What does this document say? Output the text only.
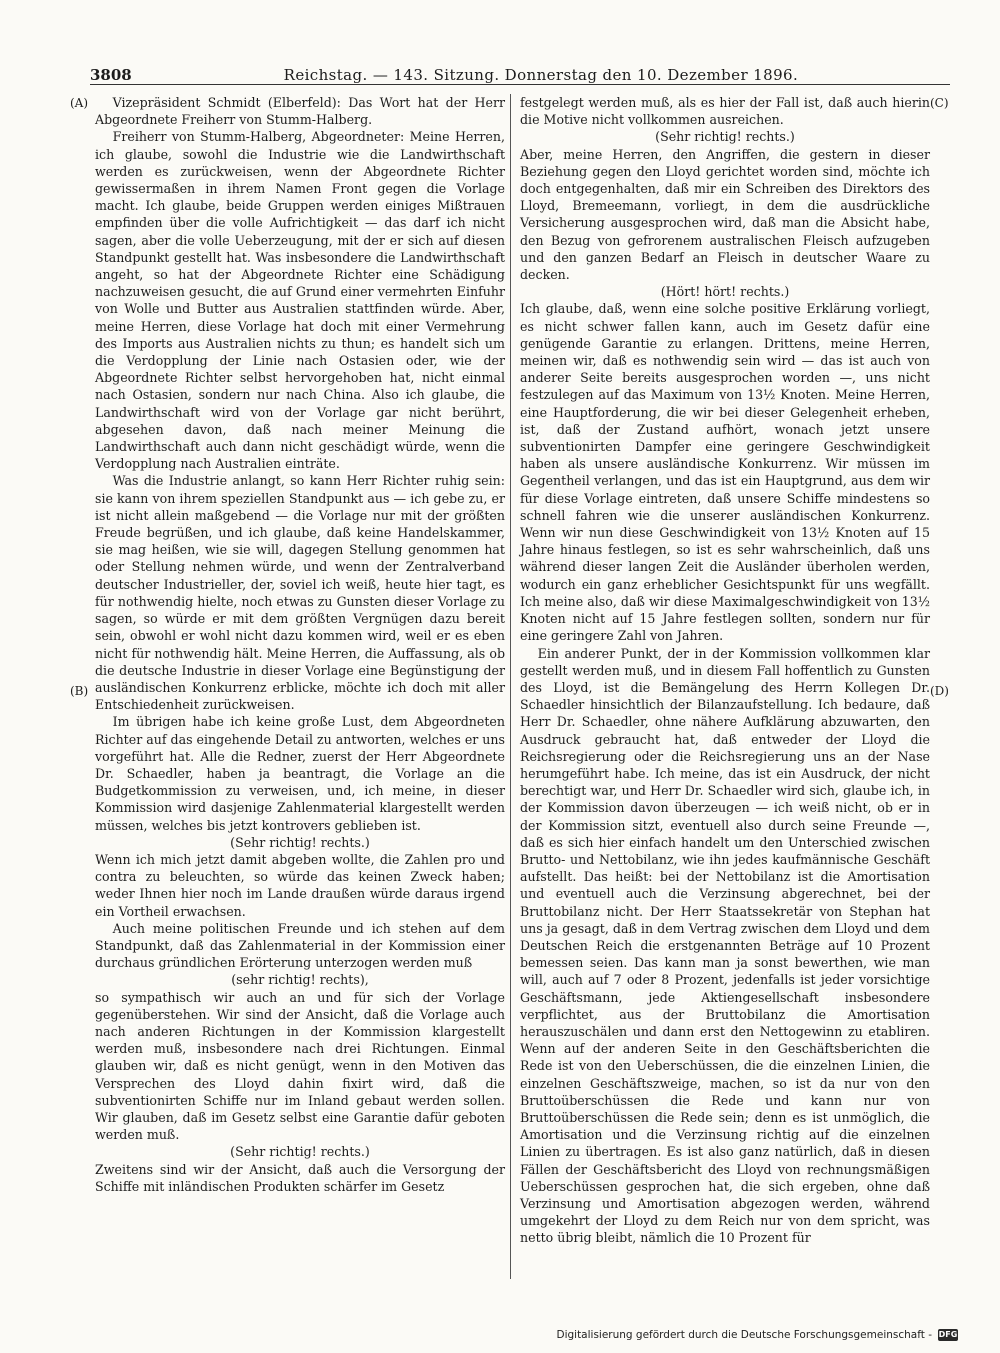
3808	Reichstag. — 143. Sitzung. Donnerstag den 10. Dezember 1896.
(A)
(B)
(C)
(D)

Vizepräsident Schmidt (Elberfeld): Das Wort hat der Herr Abgeordnete Freiherr von Stumm-Halberg.

Freiherr von Stumm-Halberg, Abgeordneter: Meine Herren, ich glaube, sowohl die Industrie wie die Landwirthschaft werden es zurückweisen, wenn der Abgeordnete Richter gewissermaßen in ihrem Namen Front gegen die Vorlage macht. Ich glaube, beide Gruppen werden einiges Mißtrauen empfinden über die volle Aufrichtigkeit — das darf ich nicht sagen, aber die volle Ueberzeugung, mit der er sich auf diesen Standpunkt gestellt hat. Was insbesondere die Landwirthschaft angeht, so hat der Abgeordnete Richter eine Schädigung nachzuweisen gesucht, die auf Grund einer vermehrten Einfuhr von Wolle und Butter aus Australien stattfinden würde. Aber, meine Herren, diese Vorlage hat doch mit einer Vermehrung des Imports aus Australien nichts zu thun; es handelt sich um die Verdopplung der Linie nach Ostasien oder, wie der Abgeordnete Richter selbst hervorgehoben hat, nicht einmal nach Ostasien, sondern nur nach China. Also ich glaube, die Landwirthschaft wird von der Vorlage gar nicht berührt, abgesehen davon, daß nach meiner Meinung die Landwirthschaft auch dann nicht geschädigt würde, wenn die Verdopplung nach Australien einträte.

Was die Industrie anlangt, so kann Herr Richter ruhig sein: sie kann von ihrem speziellen Standpunkt aus — ich gebe zu, er ist nicht allein maßgebend — die Vorlage nur mit der größten Freude begrüßen, und ich glaube, daß keine Handelskammer, sie mag heißen, wie sie will, dagegen Stellung genommen hat oder Stellung nehmen würde, und wenn der Zentralverband deutscher Industrieller, der, soviel ich weiß, heute hier tagt, es für nothwendig hielte, noch etwas zu Gunsten dieser Vorlage zu sagen, so würde er mit dem größten Vergnügen dazu bereit sein, obwohl er wohl nicht dazu kommen wird, weil er es eben nicht für nothwendig hält. Meine Herren, die Auffassung, als ob die deutsche Industrie in dieser Vorlage eine Begünstigung der ausländischen Konkurrenz erblicke, möchte ich doch mit aller Entschiedenheit zurückweisen.

Im übrigen habe ich keine große Lust, dem Abgeordneten Richter auf das eingehende Detail zu antworten, welches er uns vorgeführt hat. Alle die Redner, zuerst der Herr Abgeordnete Dr. Schaedler, haben ja beantragt, die Vorlage an die Budgetkommission zu verweisen, und, ich meine, in dieser Kommission wird dasjenige Zahlenmaterial klargestellt werden müssen, welches bis jetzt kontrovers geblieben ist.

(Sehr richtig! rechts.)

Wenn ich mich jetzt damit abgeben wollte, die Zahlen pro und contra zu beleuchten, so würde das keinen Zweck haben; weder Ihnen hier noch im Lande draußen würde daraus irgend ein Vortheil erwachsen.

Auch meine politischen Freunde und ich stehen auf dem Standpunkt, daß das Zahlenmaterial in der Kommission einer durchaus gründlichen Erörterung unterzogen werden muß

(sehr richtig! rechts),

so sympathisch wir auch an und für sich der Vorlage gegenüberstehen. Wir sind der Ansicht, daß die Vorlage auch nach anderen Richtungen in der Kommission klargestellt werden muß, insbesondere nach drei Richtungen. Einmal glauben wir, daß es nicht genügt, wenn in den Motiven das Versprechen des Lloyd dahin fixirt wird, daß die subventionirten Schiffe nur im Inland gebaut werden sollen. Wir glauben, daß im Gesetz selbst eine Garantie dafür geboten werden muß.

(Sehr richtig! rechts.)

Zweitens sind wir der Ansicht, daß auch die Versorgung der Schiffe mit inländischen Produkten schärfer im Gesetz

festgelegt werden muß, als es hier der Fall ist, daß auch hierin die Motive nicht vollkommen ausreichen.

(Sehr richtig! rechts.)

Aber, meine Herren, den Angriffen, die gestern in dieser Beziehung gegen den Lloyd gerichtet worden sind, möchte ich doch entgegenhalten, daß mir ein Schreiben des Direktors des Lloyd, Bremeemann, vorliegt, in dem die ausdrückliche Versicherung ausgesprochen wird, daß man die Absicht habe, den Bezug von gefrorenem australischen Fleisch aufzugeben und den ganzen Bedarf an Fleisch in deutscher Waare zu decken.

(Hört! hört! rechts.)

Ich glaube, daß, wenn eine solche positive Erklärung vorliegt, es nicht schwer fallen kann, auch im Gesetz dafür eine genügende Garantie zu erlangen. Drittens, meine Herren, meinen wir, daß es nothwendig sein wird — das ist auch von anderer Seite bereits ausgesprochen worden —, uns nicht festzulegen auf das Maximum von 13½ Knoten. Meine Herren, eine Hauptforderung, die wir bei dieser Gelegenheit erheben, ist, daß der Zustand aufhört, wonach jetzt unsere subventionirten Dampfer eine geringere Geschwindigkeit haben als unsere ausländische Konkurrenz. Wir müssen im Gegentheil verlangen, und das ist ein Hauptgrund, aus dem wir für diese Vorlage eintreten, daß unsere Schiffe mindestens so schnell fahren wie die unserer ausländischen Konkurrenz. Wenn wir nun diese Geschwindigkeit von 13½ Knoten auf 15 Jahre hinaus festlegen, so ist es sehr wahrscheinlich, daß uns während dieser langen Zeit die Ausländer überholen werden, wodurch ein ganz erheblicher Gesichtspunkt für uns wegfällt. Ich meine also, daß wir diese Maximalgeschwindigkeit von 13½ Knoten nicht auf 15 Jahre festlegen sollten, sondern nur für eine geringere Zahl von Jahren.

Ein anderer Punkt, der in der Kommission vollkommen klar gestellt werden muß, und in diesem Fall hoffentlich zu Gunsten des Lloyd, ist die Bemängelung des Herrn Kollegen Dr. Schaedler hinsichtlich der Bilanzaufstellung. Ich bedaure, daß Herr Dr. Schaedler, ohne nähere Aufklärung abzuwarten, den Ausdruck gebraucht hat, daß entweder der Lloyd die Reichsregierung oder die Reichsregierung uns an der Nase herumgeführt habe. Ich meine, das ist ein Ausdruck, der nicht berechtigt war, und Herr Dr. Schaedler wird sich, glaube ich, in der Kommission davon überzeugen — ich weiß nicht, ob er in der Kommission sitzt, eventuell also durch seine Freunde —, daß es sich hier einfach handelt um den Unterschied zwischen Brutto- und Nettobilanz, wie ihn jedes kaufmännische Geschäft aufstellt. Das heißt: bei der Nettobilanz ist die Amortisation und eventuell auch die Verzinsung abgerechnet, bei der Bruttobilanz nicht. Der Herr Staatssekretär von Stephan hat uns ja gesagt, daß in dem Vertrag zwischen dem Lloyd und dem Deutschen Reich die erstgenannten Beträge auf 10 Prozent bemessen seien. Das kann man ja sonst bewerthen, wie man will, auch auf 7 oder 8 Prozent, jedenfalls ist jeder vorsichtige Geschäftsmann, jede Aktiengesellschaft insbesondere verpflichtet, aus der Bruttobilanz die Amortisation herauszuschälen und dann erst den Nettogewinn zu etabliren. Wenn auf der anderen Seite in den Geschäftsberichten die Rede ist von den Ueberschüssen, die die einzelnen Linien, die einzelnen Geschäftszweige, machen, so ist da nur von den Bruttoüberschüssen die Rede und kann nur von Bruttoüberschüssen die Rede sein; denn es ist unmöglich, die Amortisation und die Verzinsung richtig auf die einzelnen Linien zu übertragen. Es ist also ganz natürlich, daß in diesen Fällen der Geschäftsbericht des Lloyd von rechnungsmäßigen Ueberschüssen gesprochen hat, die sich ergeben, ohne daß Verzinsung und Amortisation abgezogen werden, während umgekehrt der Lloyd zu dem Reich nur von dem spricht, was netto übrig bleibt, nämlich die 10 Prozent für

Digitalisierung gefördert durch die Deutsche Forschungsgemeinschaft - DFG
